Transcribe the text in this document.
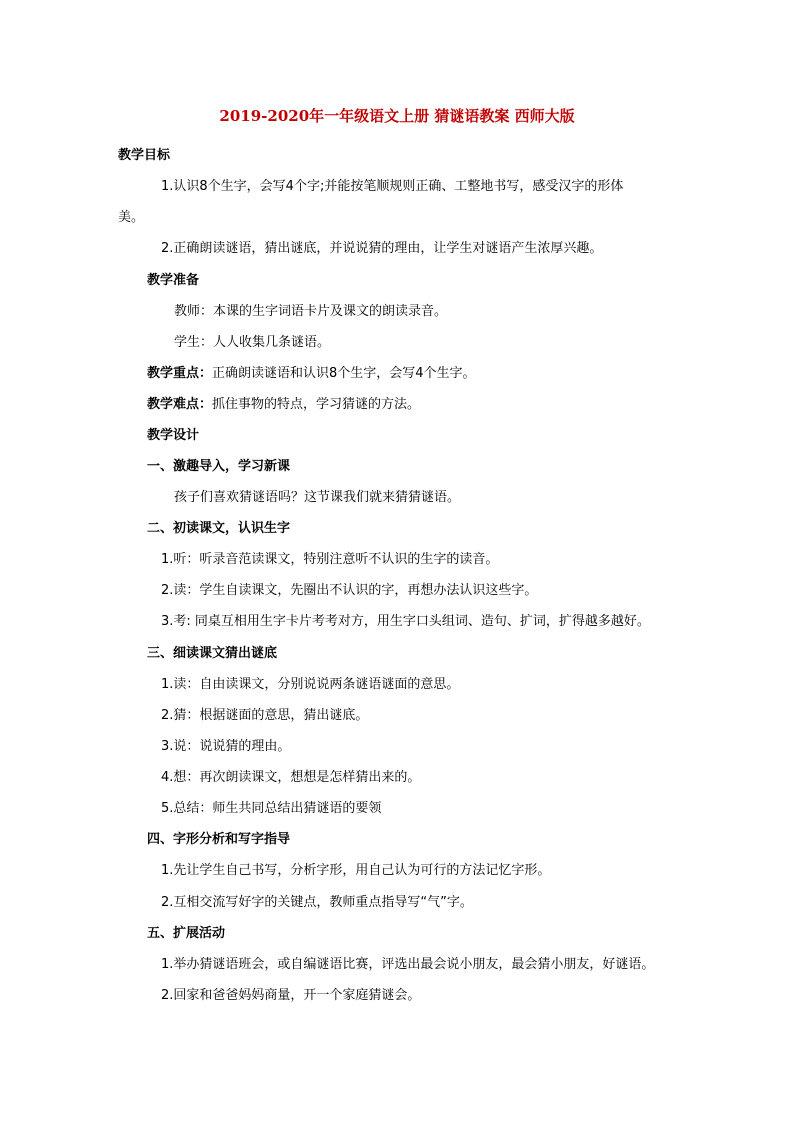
2019-2020年一年级语文上册 猜谜语教案 西师大版
教学目标
1.认识8个生字，会写4个字;并能按笔顺规则正确、工整地书写，感受汉字的形体
美。
2.正确朗读谜语，猜出谜底，并说说猜的理由，让学生对谜语产生浓厚兴趣。
教学准备
教师：本课的生字词语卡片及课文的朗读录音。
学生：人人收集几条谜语。
教学重点：正确朗读谜语和认识8个生字，会写4个生字。
教学难点：抓住事物的特点，学习猜谜的方法。
教学设计
一、激趣导入，学习新课
孩子们喜欢猜谜语吗？这节课我们就来猜猜谜语。
二、初读课文，认识生字
1.听：听录音范读课文，特别注意听不认识的生字的读音。
2.读：学生自读课文，先圈出不认识的字，再想办法认识这些字。
3.考: 同桌互相用生字卡片考考对方，用生字口头组词、造句、扩词，扩得越多越好。
三、细读课文猜出谜底
1.读：自由读课文，分别说说两条谜语谜面的意思。
2.猜：根据谜面的意思，猜出谜底。
3.说：说说猜的理由。
4.想：再次朗读课文，想想是怎样猜出来的。
5.总结：师生共同总结出猜谜语的要领
四、字形分析和写字指导
1.先让学生自己书写，分析字形，用自己认为可行的方法记忆字形。
2.互相交流写好字的关键点，教师重点指导写“气”字。
五、扩展活动
1.举办猜谜语班会，或自编谜语比赛，评选出最会说小朋友，最会猜小朋友，好谜语。
2.回家和爸爸妈妈商量，开一个家庭猜谜会。
